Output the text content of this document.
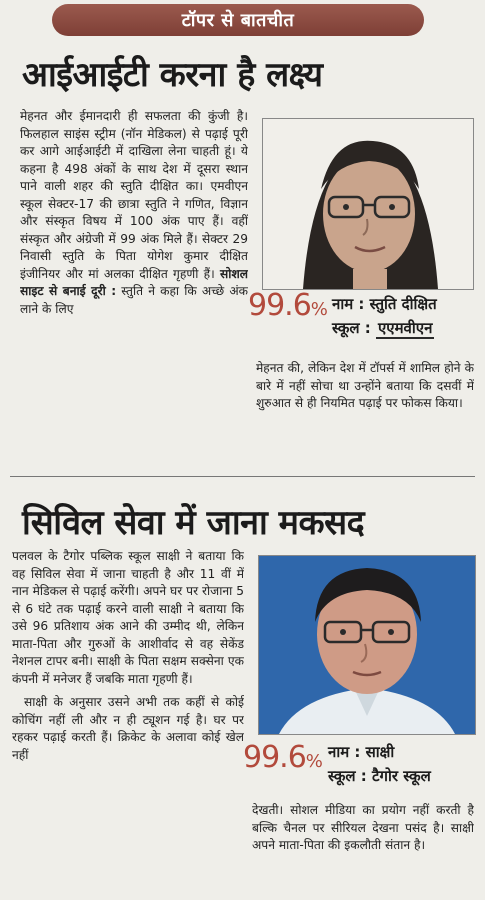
टॉपर से बातचीत
आईआईटी करना है लक्ष्य
मेहनत और ईमानदारी ही सफलता की कुंजी है। फिलहाल साइंस स्ट्रीम (नॉन मेडिकल) से पढ़ाई पूरी कर आगे आईआईटी में दाखिला लेना चाहती हूं। ये कहना है 498 अंकों के साथ देश में दूसरा स्थान पाने वाली शहर की स्तुति दीक्षित का। एमवीएन स्कूल सेक्टर-17 की छात्रा स्तुति ने गणित, विज्ञान और संस्कृत विषय में 100 अंक पाए हैं। वहीं संस्कृत और अंग्रेजी में 99 अंक मिले हैं। सेक्टर 29 निवासी स्तुति के पिता योगेश कुमार दीक्षित इंजीनियर और मां अलका दीक्षित गृहणी हैं। सोशल साइट से बनाई दूरी : स्तुति ने कहा कि अच्छे अंक लाने के लिए	99.6% नाम : स्तुति दीक्षित
स्कूल : एएमवीएन
मेहनत की, लेकिन देश में टॉपर्स में शामिल होने के बारे में नहीं सोचा था उन्होंने बताया कि दसवीं में शुरुआत से ही नियमित पढ़ाई पर फोकस किया।
सिविल सेवा में जाना मकसद
पलवल के टैगोर पब्लिक स्कूल साक्षी ने बताया कि वह सिविल सेवा में जाना चाहती है और 11 वीं में नान मेडिकल से पढ़ाई करेंगी। अपने घर पर रोजाना 5 से 6 घंटे तक पढ़ाई करने वाली साक्षी ने बताया कि उसे 96 प्रतिशाय अंक आने की उम्मीद थी, लेकिन माता-पिता और गुरुओं के आशीर्वाद से वह सेकेंड नेशनल टापर बनी। साक्षी के पिता सक्षम सक्सेना एक कंपनी में मनेजर हैं जबकि माता गृहणी हैं।
साक्षी के अनुसार उसने अभी तक कहीं से कोई कोचिंग नहीं ली और न ही ट्यूशन गई है। घर पर रहकर पढ़ाई करती हैं। क्रिकेट के अलावा कोई खेल नहीं	99.6% नाम : साक्षी
स्कूल : टैगोर स्कूल
देखती। सोशल मीडिया का प्रयोग नहीं करती है बल्कि चैनल पर सीरियल देखना पसंद है। साक्षी अपने माता-पिता की इकलौती संतान है।
